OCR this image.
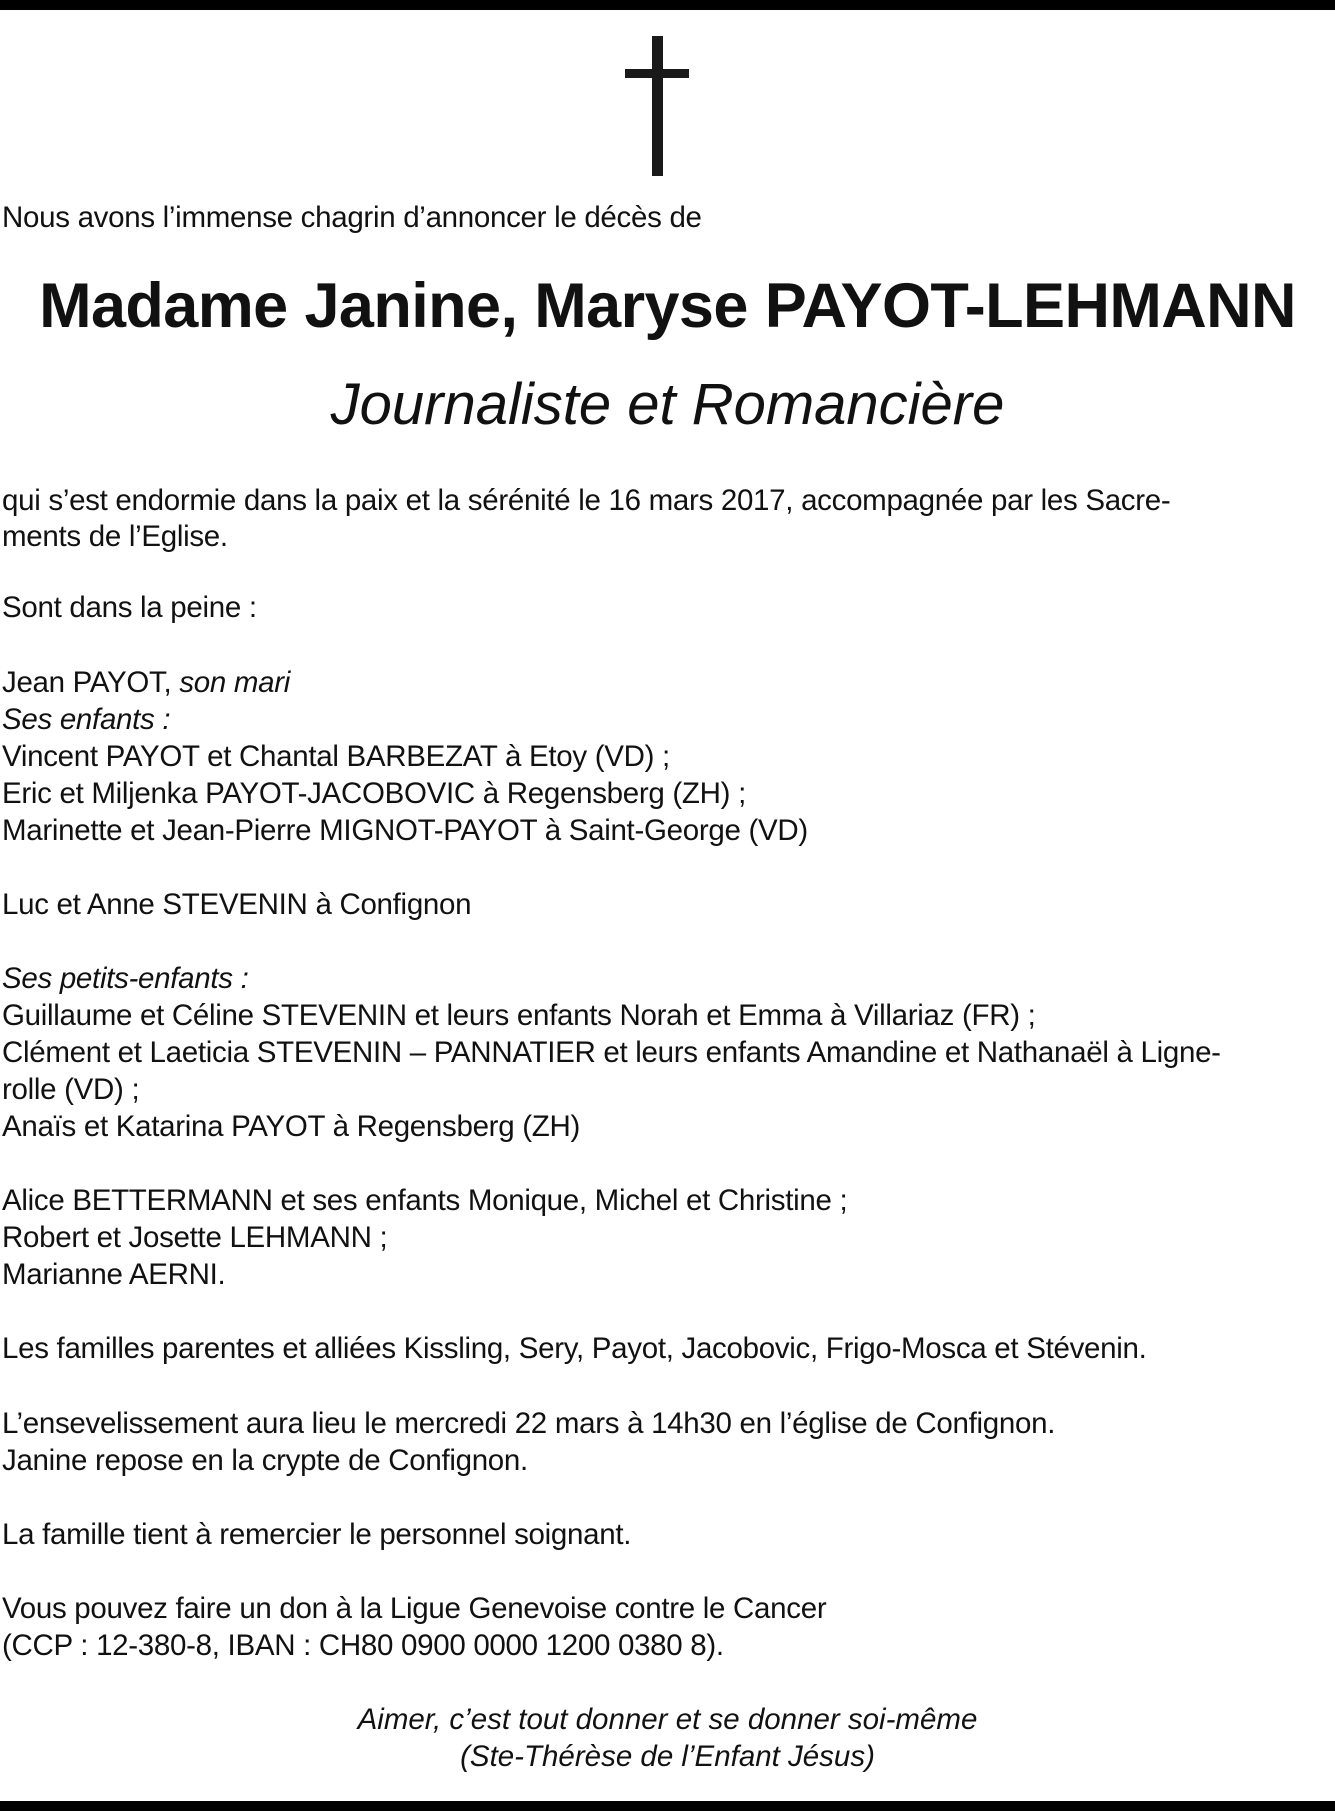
Nous avons l’immense chagrin d’annoncer le décès de
Madame Janine, Maryse PAYOT-LEHMANN
Journaliste et Romancière
qui s’est endormie dans la paix et la sérénité le 16 mars 2017, accompagnée par les Sacre-
ments de l’Eglise.
Sont dans la peine :
Jean PAYOT, son mari
Ses enfants :
Vincent PAYOT et Chantal BARBEZAT à Etoy (VD) ;
Eric et Miljenka PAYOT-JACOBOVIC à Regensberg (ZH) ;
Marinette et Jean-Pierre MIGNOT-PAYOT à Saint-George (VD)
Luc et Anne STEVENIN à Confignon
Ses petits-enfants :
Guillaume et Céline STEVENIN et leurs enfants Norah et Emma à Villariaz (FR) ;
Clément et Laeticia STEVENIN – PANNATIER et leurs enfants Amandine et Nathanaël à Ligne-
rolle (VD) ;
Anaïs et Katarina PAYOT à Regensberg (ZH)
Alice BETTERMANN et ses enfants Monique, Michel et Christine ;
Robert et Josette LEHMANN ;
Marianne AERNI.
Les familles parentes et alliées Kissling, Sery, Payot, Jacobovic, Frigo-Mosca et Stévenin.
L’ensevelissement aura lieu le mercredi 22 mars à 14h30 en l’église de Confignon.
Janine repose en la crypte de Confignon.
La famille tient à remercier le personnel soignant.
Vous pouvez faire un don à la Ligue Genevoise contre le Cancer
(CCP : 12-380-8, IBAN : CH80 0900 0000 1200 0380 8).
Aimer, c’est tout donner et se donner soi-même
(Ste-Thérèse de l’Enfant Jésus)
